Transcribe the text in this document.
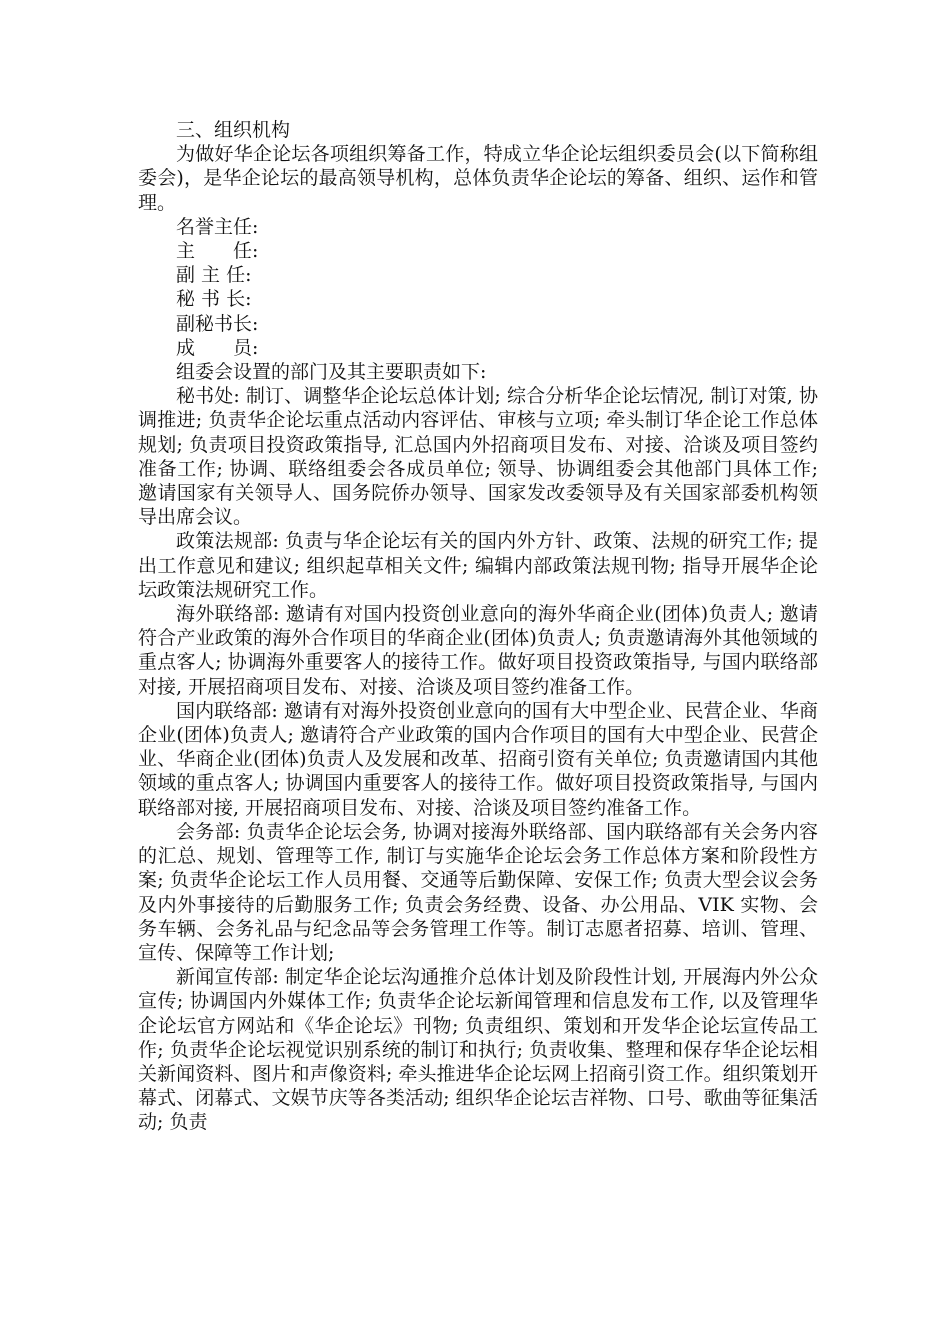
三、组织机构

为做好华企论坛各项组织筹备工作，特成立华企论坛组织委员会(以下简称组委会)，是华企论坛的最高领导机构，总体负责华企论坛的筹备、组织、运作和管理。

名誉主任:

主　　任:

副 主 任:

秘 书 长:

副秘书长:

成　　员:

组委会设置的部门及其主要职责如下:

秘书处: 制订、调整华企论坛总体计划; 综合分析华企论坛情况, 制订对策, 协调推进; 负责华企论坛重点活动内容评估、审核与立项; 牵头制订华企论工作总体规划; 负责项目投资政策指导, 汇总国内外招商项目发布、对接、洽谈及项目签约准备工作; 协调、联络组委会各成员单位; 领导、协调组委会其他部门具体工作; 邀请国家有关领导人、国务院侨办领导、国家发改委领导及有关国家部委机构领导出席会议。

政策法规部: 负责与华企论坛有关的国内外方针、政策、法规的研究工作; 提出工作意见和建议; 组织起草相关文件; 编辑内部政策法规刊物; 指导开展华企论坛政策法规研究工作。

海外联络部: 邀请有对国内投资创业意向的海外华商企业(团体)负责人; 邀请符合产业政策的海外合作项目的华商企业(团体)负责人; 负责邀请海外其他领域的重点客人; 协调海外重要客人的接待工作。做好项目投资政策指导, 与国内联络部对接, 开展招商项目发布、对接、洽谈及项目签约准备工作。

国内联络部: 邀请有对海外投资创业意向的国有大中型企业、民营企业、华商企业(团体)负责人; 邀请符合产业政策的国内合作项目的国有大中型企业、民营企业、华商企业(团体)负责人及发展和改革、招商引资有关单位; 负责邀请国内其他领域的重点客人; 协调国内重要客人的接待工作。做好项目投资政策指导, 与国内联络部对接, 开展招商项目发布、对接、洽谈及项目签约准备工作。

会务部: 负责华企论坛会务, 协调对接海外联络部、国内联络部有关会务内容的汇总、规划、管理等工作, 制订与实施华企论坛会务工作总体方案和阶段性方案; 负责华企论坛工作人员用餐、交通等后勤保障、安保工作; 负责大型会议会务及内外事接待的后勤服务工作; 负责会务经费、设备、办公用品、VIK 实物、会务车辆、会务礼品与纪念品等会务管理工作等。制订志愿者招募、培训、管理、宣传、保障等工作计划;

新闻宣传部: 制定华企论坛沟通推介总体计划及阶段性计划, 开展海内外公众宣传; 协调国内外媒体工作; 负责华企论坛新闻管理和信息发布工作, 以及管理华企论坛官方网站和《华企论坛》刊物; 负责组织、策划和开发华企论坛宣传品工作; 负责华企论坛视觉识别系统的制订和执行; 负责收集、整理和保存华企论坛相关新闻资料、图片和声像资料; 牵头推进华企论坛网上招商引资工作。组织策划开幕式、闭幕式、文娱节庆等各类活动; 组织华企论坛吉祥物、口号、歌曲等征集活动; 负责
